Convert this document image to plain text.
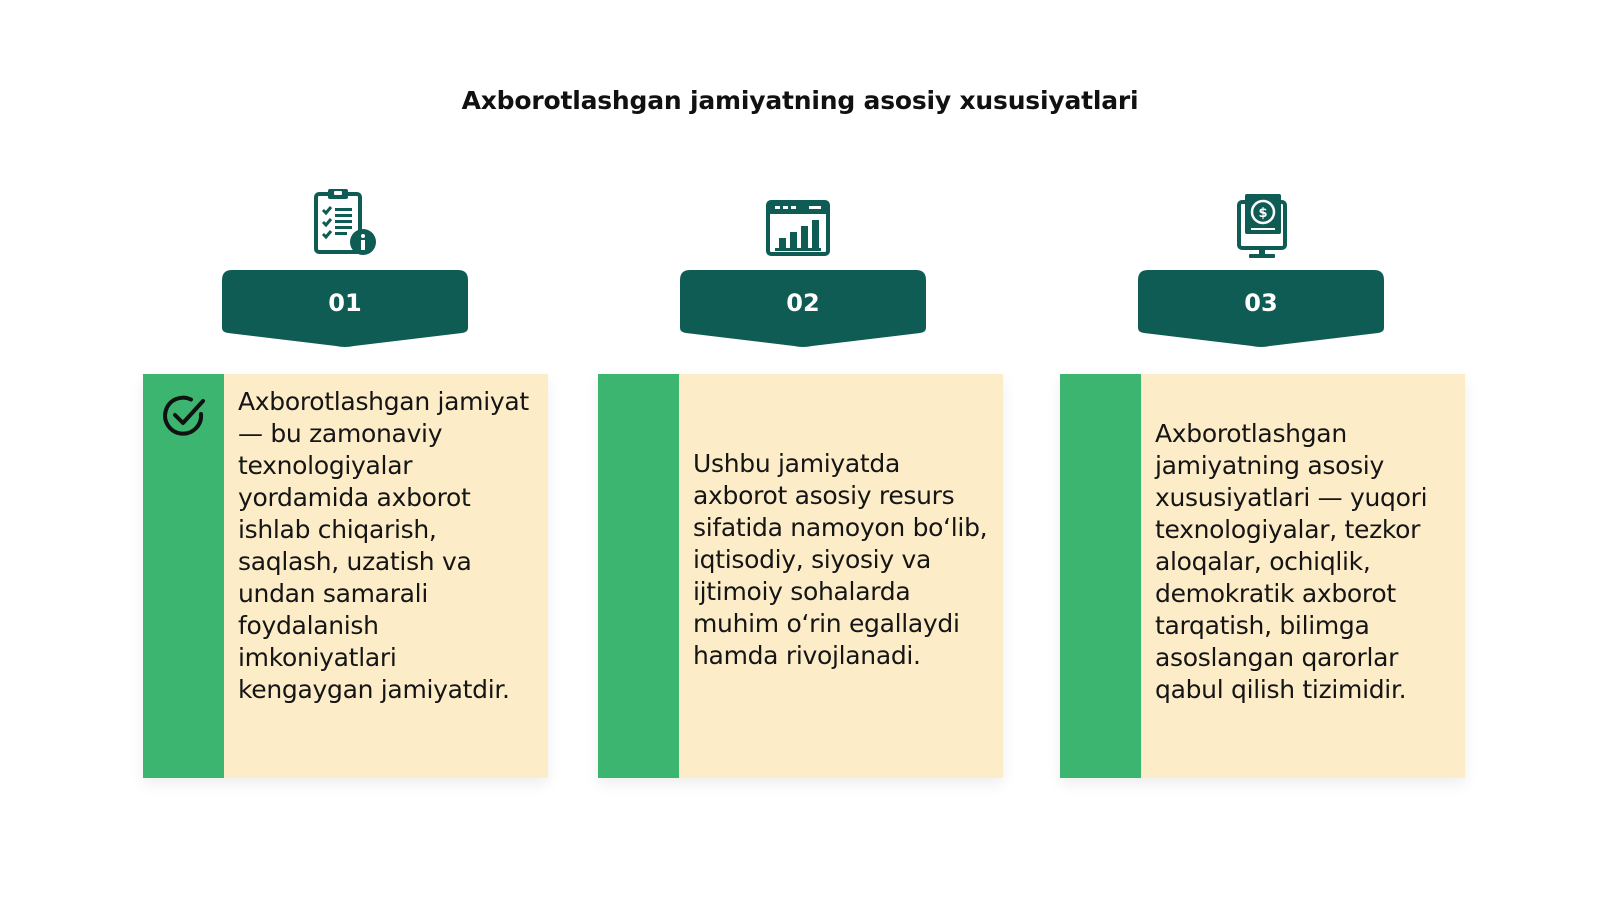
Axborotlashgan jamiyatning asosiy xususiyatlari
01
Axborotlashgan jamiyat — bu zamonaviy texnologiyalar yordamida axborot ishlab chiqarish, saqlash, uzatish va undan samarali foydalanish imkoniyatlari kengaygan jamiyatdir.
02
Ushbu jamiyatda axborot asosiy resurs sifatida namoyon bo‘lib, iqtisodiy, siyosiy va ijtimoiy sohalarda muhim o‘rin egallaydi hamda rivojlanadi.
$
03
Axborotlashgan jamiyatning asosiy xususiyatlari — yuqori texnologiyalar, tezkor aloqalar, ochiqlik, demokratik axborot tarqatish, bilimga asoslangan qarorlar qabul qilish tizimidir.
